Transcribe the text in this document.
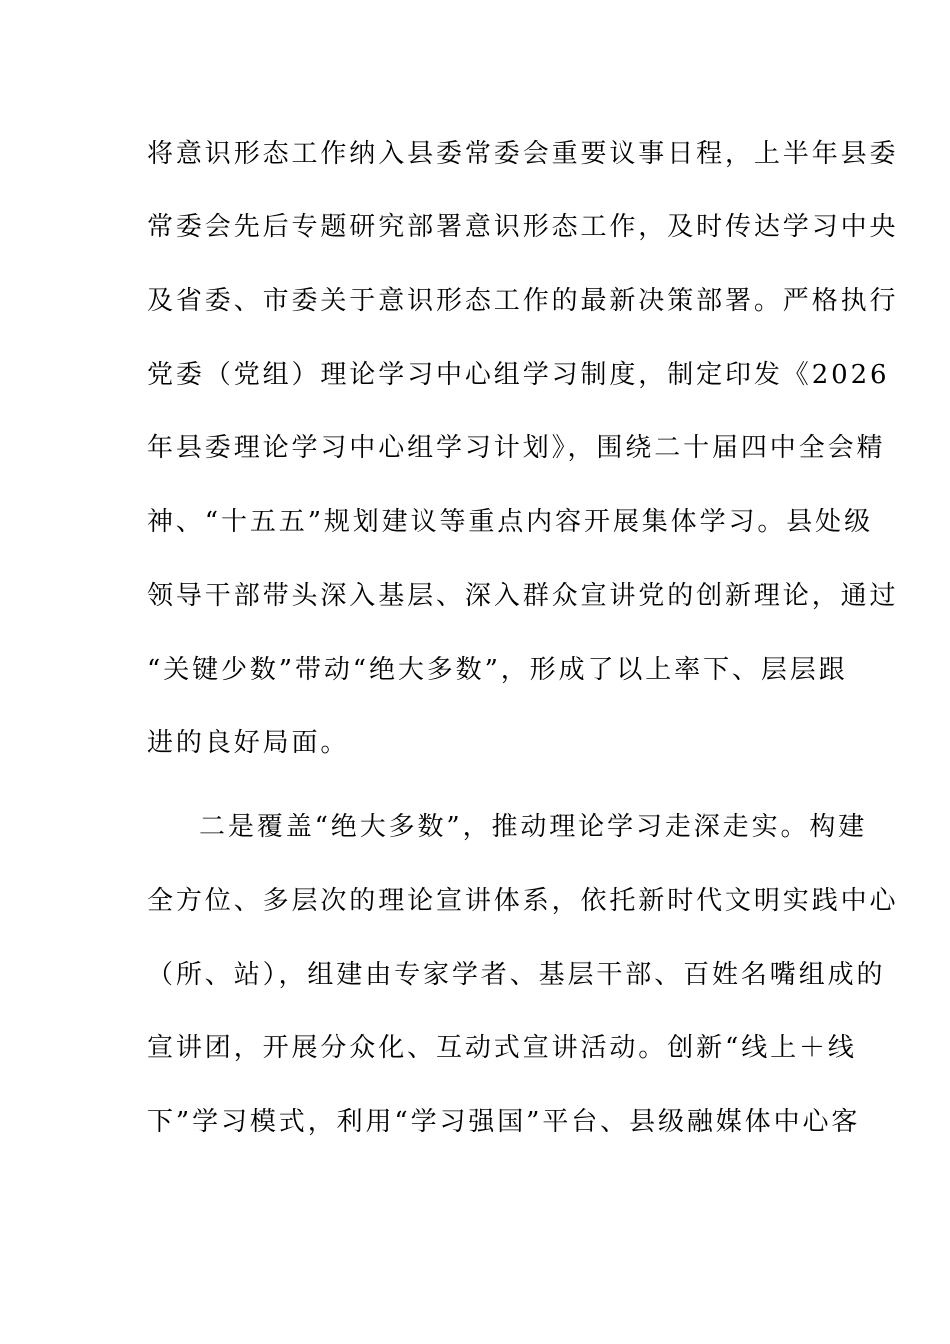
将意识形态工作纳入县委常委会重要议事日程，上半年县委
常委会先后专题研究部署意识形态工作，及时传达学习中央
及省委、市委关于意识形态工作的最新决策部署。严格执行
党委（党组）理论学习中心组学习制度，制定印发《2026
年县委理论学习中心组学习计划》，围绕二十届四中全会精
神、“十五五”规划建议等重点内容开展集体学习。县处级
领导干部带头深入基层、深入群众宣讲党的创新理论，通过
“关键少数”带动“绝大多数”，形成了以上率下、层层跟
进的良好局面。
二是覆盖“绝大多数”，推动理论学习走深走实。构建
全方位、多层次的理论宣讲体系，依托新时代文明实践中心
（所、站），组建由专家学者、基层干部、百姓名嘴组成的
宣讲团，开展分众化、互动式宣讲活动。创新“线上＋线
下”学习模式，利用“学习强国”平台、县级融媒体中心客
